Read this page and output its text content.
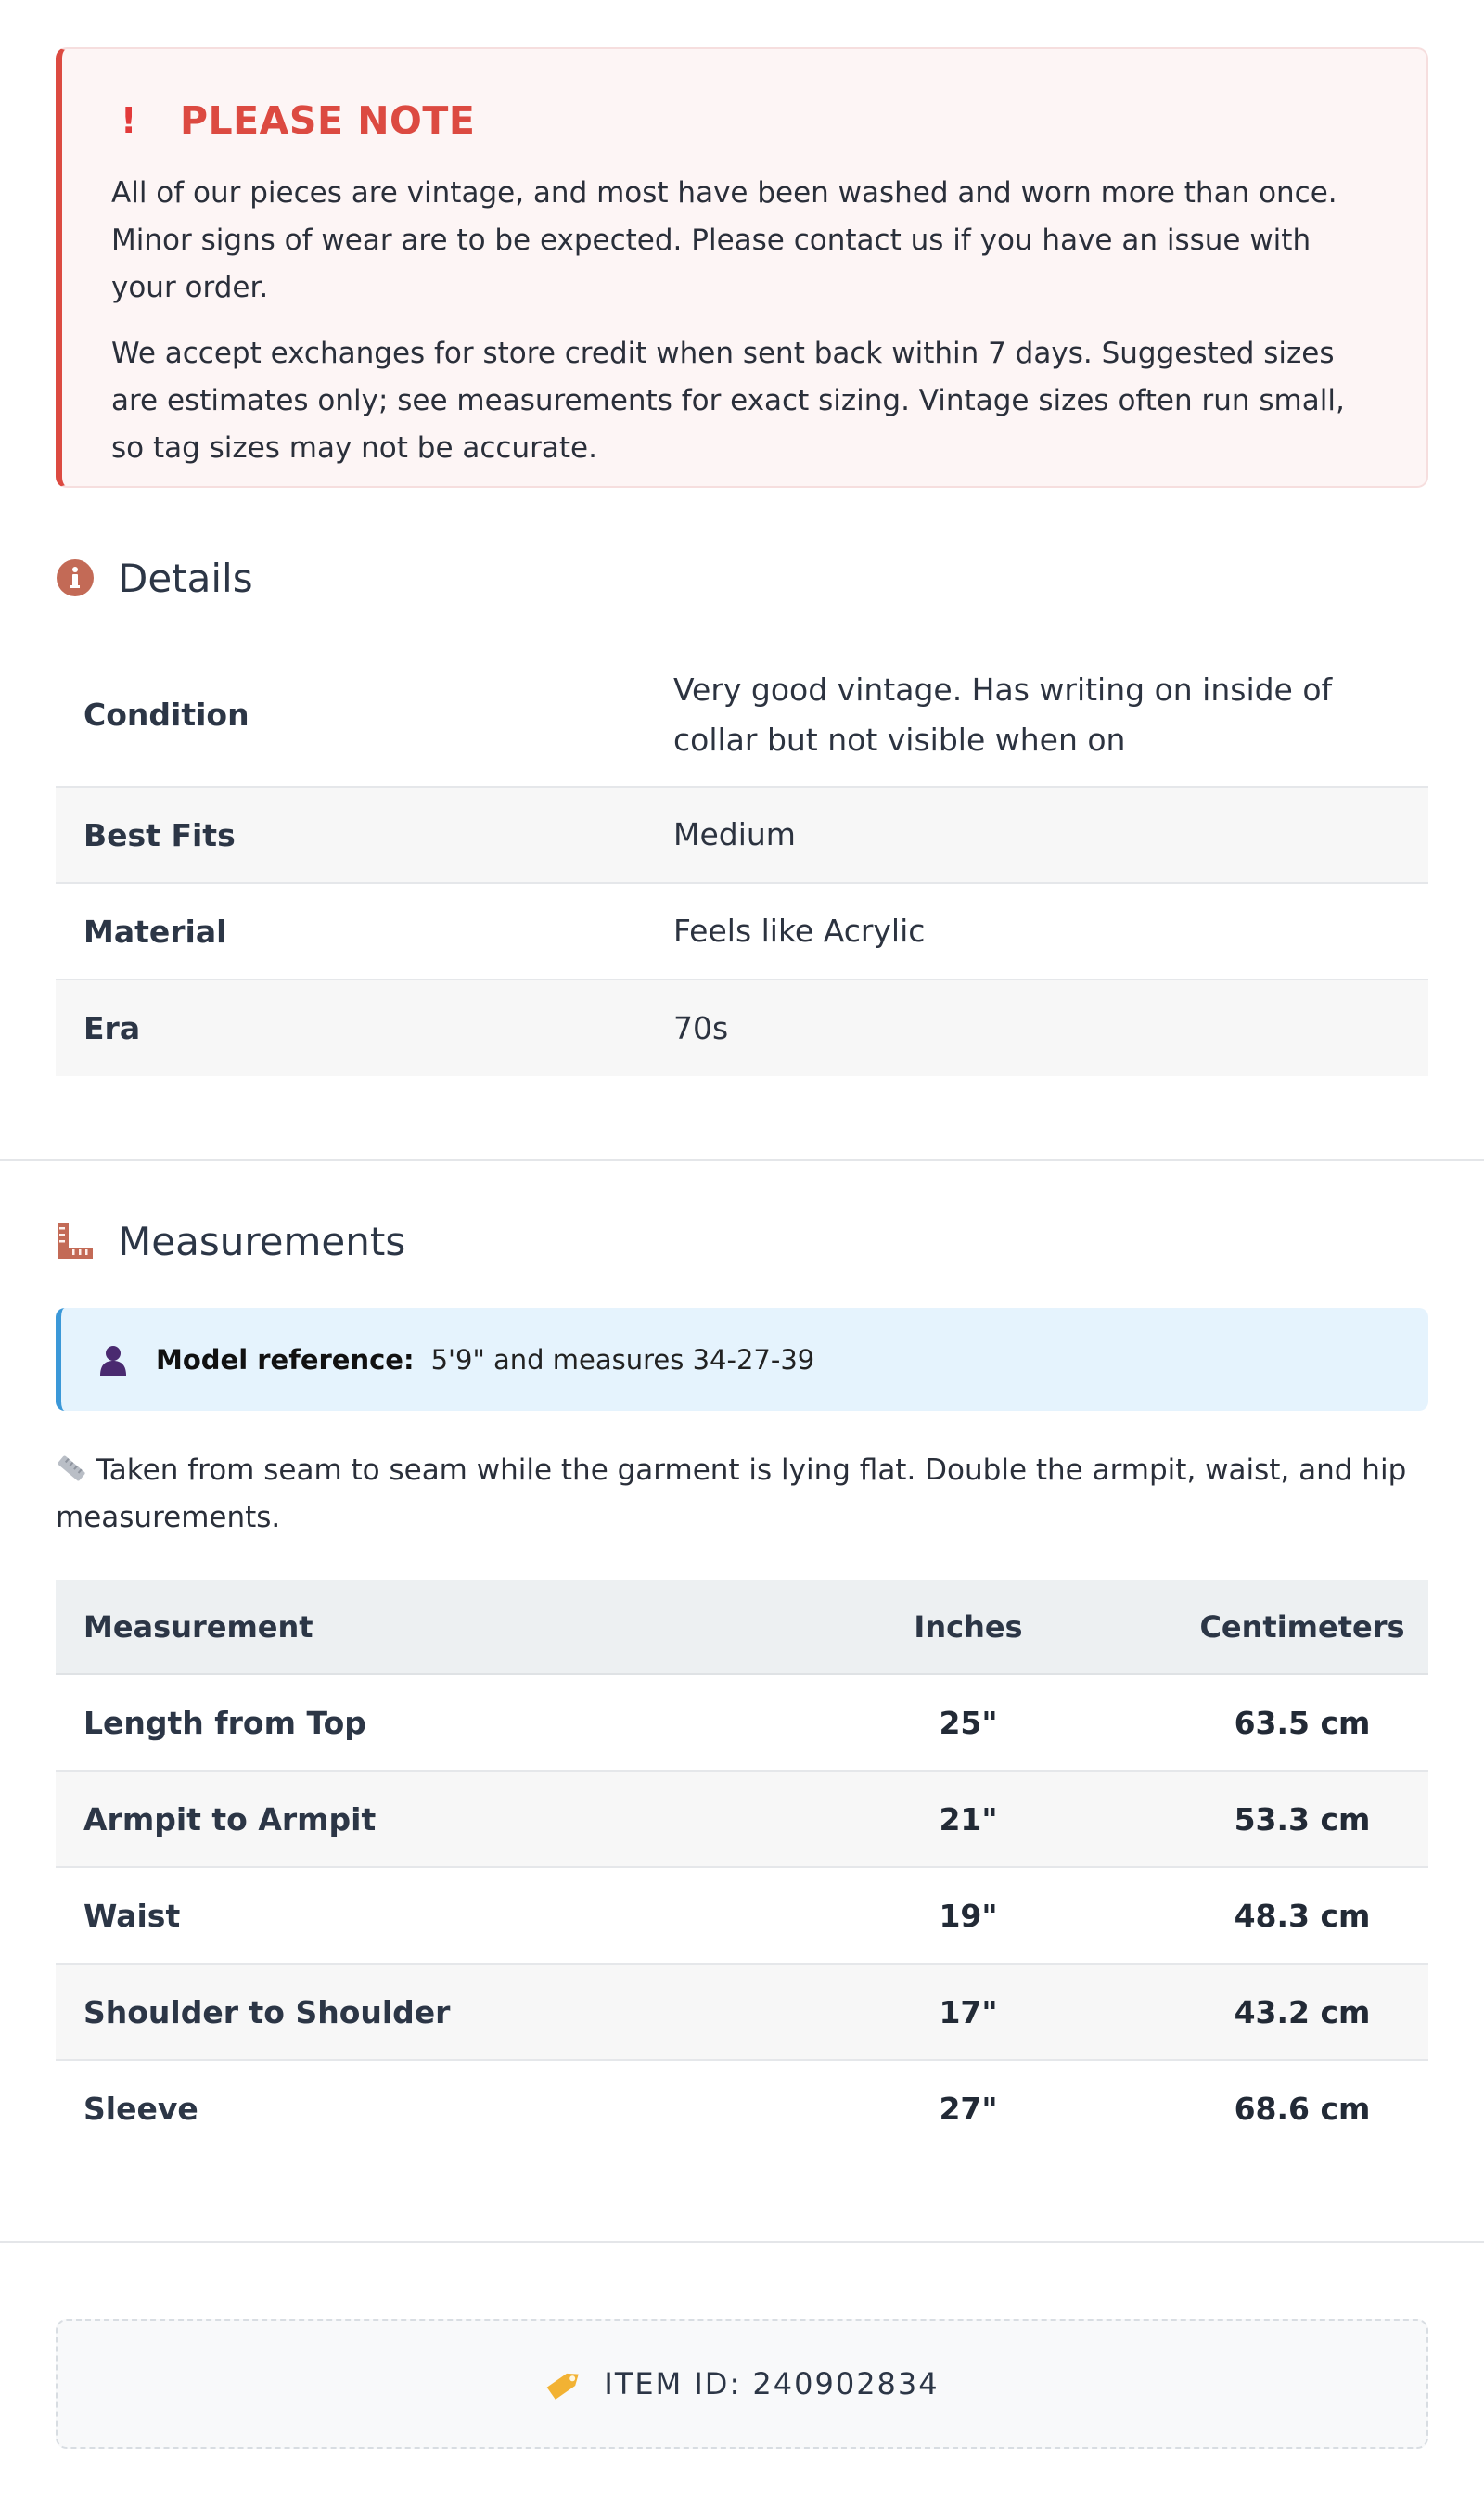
!	PLEASE NOTE

All of our pieces are vintage, and most have been washed and worn more than once. Minor signs of wear are to be expected. Please contact us if you have an issue with your order.

We accept exchanges for store credit when sent back within 7 days. Suggested sizes are estimates only; see measurements for exact sizing. Vintage sizes often run small, so tag sizes may not be accurate.

Details
Condition	Very good vintage. Has writing on inside of collar but not visible when on
Best Fits	Medium
Material	Feels like Acrylic
Era	70s
Measurements
Model reference: 5'9" and measures 34-27-39
Taken from seam to seam while the garment is lying flat. Double the armpit, waist, and hip measurements.
Measurement	Inches	Centimeters
Length from Top	25"	63.5 cm
Armpit to Armpit	21"	53.3 cm
Waist	19"	48.3 cm
Shoulder to Shoulder	17"	43.2 cm
Sleeve	27"	68.6 cm
ITEM ID: 240902834
